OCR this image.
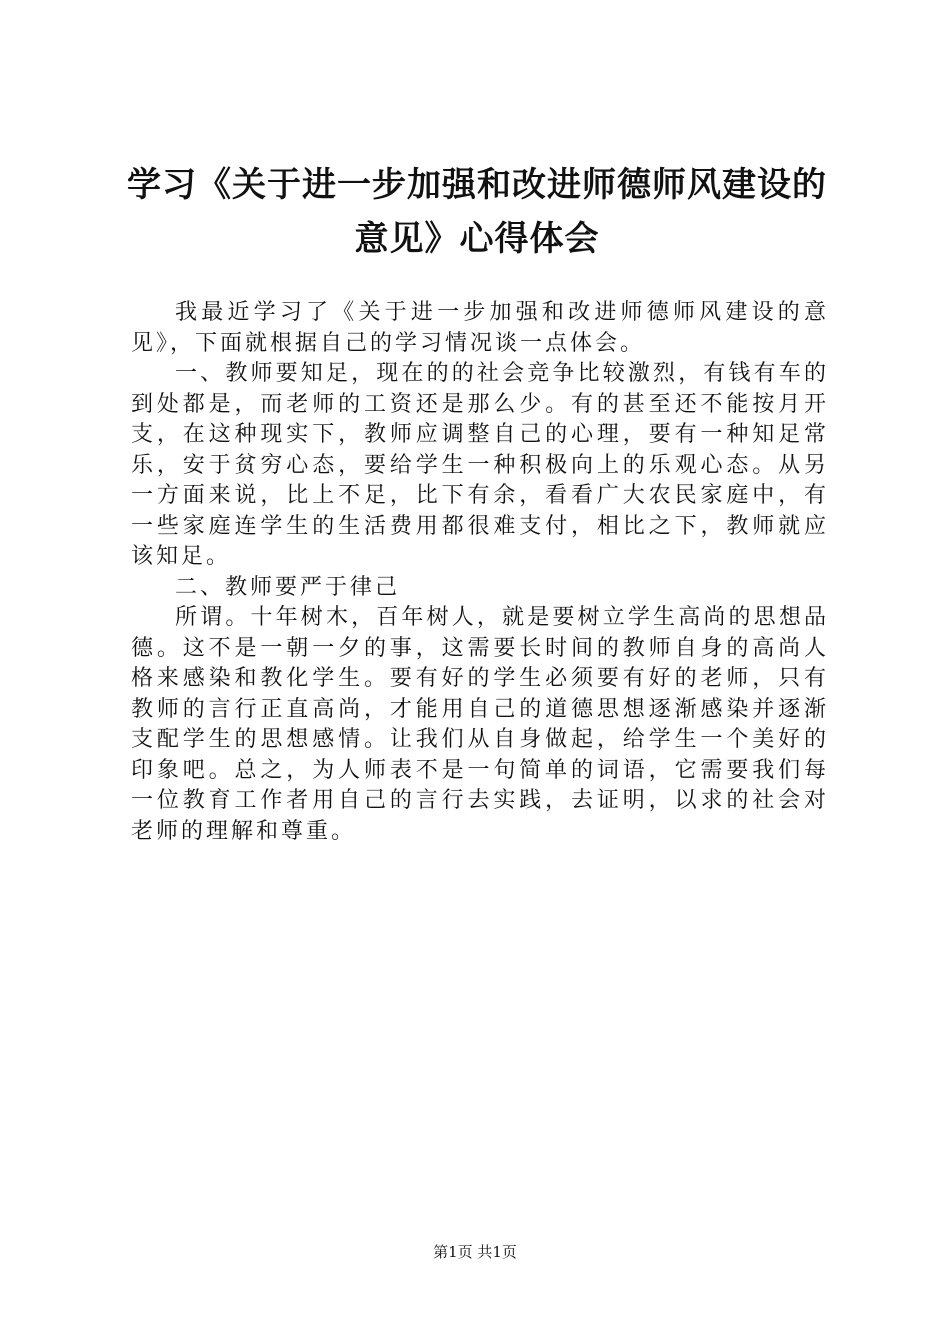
学习《关于进一步加强和改进师德师风建设的意见》心得体会

我最近学习了《关于进一步加强和改进师德师风建设的意见》，下面就根据自己的学习情况谈一点体会。

一、教师要知足，现在的的社会竞争比较激烈，有钱有车的到处都是，而老师的工资还是那么少。有的甚至还不能按月开支，在这种现实下，教师应调整自己的心理，要有一种知足常乐，安于贫穷心态，要给学生一种积极向上的乐观心态。从另一方面来说，比上不足，比下有余，看看广大农民家庭中，有一些家庭连学生的生活费用都很难支付，相比之下，教师就应该知足。

二、教师要严于律己

所谓。十年树木，百年树人，就是要树立学生高尚的思想品德。这不是一朝一夕的事，这需要长时间的教师自身的高尚人格来感染和教化学生。要有好的学生必须要有好的老师，只有教师的言行正直高尚，才能用自己的道德思想逐渐感染并逐渐支配学生的思想感情。让我们从自身做起，给学生一个美好的印象吧。总之，为人师表不是一句简单的词语，它需要我们每一位教育工作者用自己的言行去实践，去证明，以求的社会对老师的理解和尊重。

第1页 共1页
